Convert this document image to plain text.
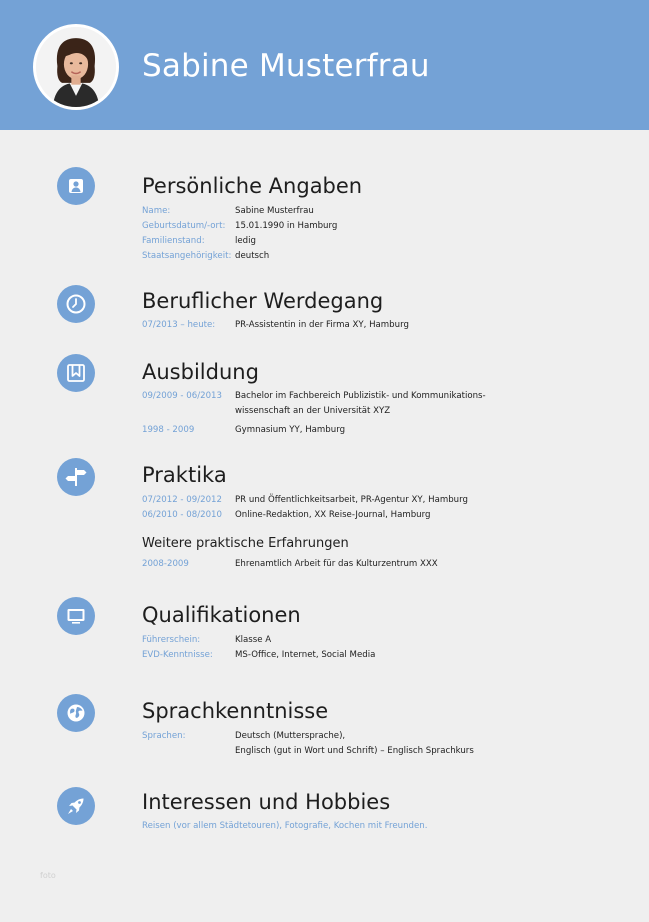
Sabine Musterfrau
Persönliche Angaben
Name:	Sabine Musterfrau
Geburtsdatum/-ort: 15.01.1990 in Hamburg
Familienstand:	ledig
Staatsangehörigkeit: deutsch
Beruflicher Werdegang
07/2013 – heute: PR-Assistentin in der Firma XY, Hamburg
Ausbildung
09/2009 - 06/2013 Bachelor im Fachbereich Publizistik- und Kommunikations-
wissenschaft an der Universität XYZ
1998 - 2009	Gymnasium YY, Hamburg
Praktika
07/2012 - 09/2012 PR und Öffentlichkeitsarbeit, PR-Agentur XY, Hamburg
06/2010 - 08/2010 Online-Redaktion, XX Reise-Journal, Hamburg
Weitere praktische Erfahrungen
2008-2009	Ehrenamtlich Arbeit für das Kulturzentrum XXX
Qualifikationen
Führerschein:	Klasse A
EVD-Kenntnisse:	MS-Office, Internet, Social Media
Sprachkenntnisse
Sprachen:	Deutsch (Muttersprache),
Englisch (gut in Wort und Schrift) – Englisch Sprachkurs
Interessen und Hobbies
Reisen (vor allem Städtetouren), Fotografie, Kochen mit Freunden.
foto
